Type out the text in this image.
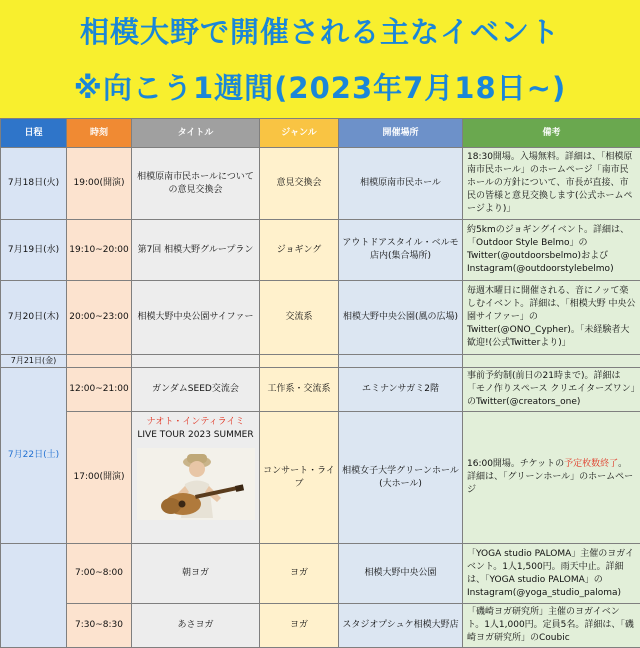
相模大野で開催される主なイベント
※向こう1週間(2023年7月18日~)
日程	時刻	タイトル	ジャンル	開催場所	備考
7月18日(火)	19:00(開演)	相模原南市民ホールについての意見交換会	意見交換会	相模原南市民ホール	18:30開場。入場無料。詳細は、「相模原南市民ホール」のホームページ「南市民ホールの方針について、市長が直接、市民の皆様と意見交換します(公式ホームページより)」
7月19日(水)	19:10~20:00	第7回 相模大野グループラン	ジョギング	アウトドアスタイル・ベルモ店内(集合場所)	約5kmのジョギングイベント。詳細は、「Outdoor Style Belmo」のTwitter(@outdoorsbelmo)およびInstagram(@outdoorstylebelmo)
7月20日(木)	20:00~23:00	相模大野中央公園サイファー	交流系	相模大野中央公園(風の広場)	毎週木曜日に開催される、音にノッて楽しむイベント。詳細は、「相模大野 中央公園サイファー」のTwitter(@ONO_Cypher)。「未経験者大歓迎!(公式Twitterより)」
7月21日(金)					
7月22日(土)	12:00~21:00	ガンダムSEED交流会	工作系・交流系	エミナンサガミ2階	事前予約制(前日の21時まで)。詳細は「モノ作りスペース クリエイターズワン」のTwitter(@creators_one)
	17:00(開演)	ナオト・インティライミ
LIVE TOUR 2023 SUMMER	コンサート・ライブ	相模女子大学グリーンホール(大ホール)	16:00開場。チケットの予定枚数終了。詳細は、「グリーンホール」のホームページ
	7:00~8:00	朝ヨガ	ヨガ	相模大野中央公園	「YOGA studio PALOMA」主催のヨガイベント。1人1,500円。雨天中止。詳細は、「YOGA studio PALOMA」のInstagram(@yoga_studio_paloma)
	7:30~8:30	あさヨガ	ヨガ	スタジオプシュケ相模大野店	「磯崎ヨガ研究所」主催のヨガイベント。1人1,000円。定員5名。詳細は、「磯崎ヨガ研究所」のCoubic
